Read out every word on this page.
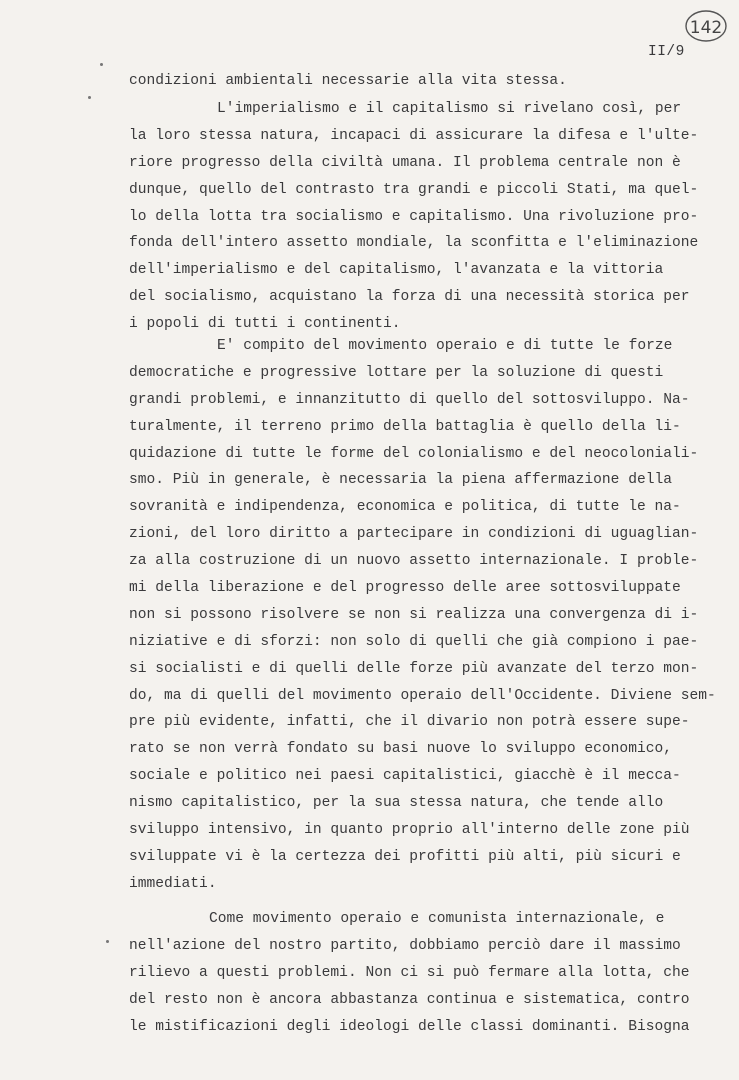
142
II/9
condizioni ambientali necessarie alla vita stessa.
L'imperialismo e il capitalismo si rivelano così, per
la loro stessa natura, incapaci di assicurare la difesa e l'ulte-
riore progresso della civiltà umana. Il problema centrale non è
dunque, quello del contrasto tra grandi e piccoli Stati, ma quel-
lo della lotta tra socialismo e capitalismo. Una rivoluzione pro-
fonda dell'intero assetto mondiale, la sconfitta e l'eliminazione
dell'imperialismo e del capitalismo, l'avanzata e la vittoria
del socialismo, acquistano la forza di una necessità storica per
i popoli di tutti i continenti.
E' compito del movimento operaio e di tutte le forze
democratiche e progressive lottare per la soluzione di questi
grandi problemi, e innanzitutto di quello del sottosviluppo. Na-
turalmente, il terreno primo della battaglia è quello della li-
quidazione di tutte le forme del colonialismo e del neocoloniali-
smo. Più in generale, è necessaria la piena affermazione della
sovranità e indipendenza, economica e politica, di tutte le na-
zioni, del loro diritto a partecipare in condizioni di uguaglian-
za alla costruzione di un nuovo assetto internazionale. I proble-
mi della liberazione e del progresso delle aree sottosviluppate
non si possono risolvere se non si realizza una convergenza di i-
niziative e di sforzi: non solo di quelli che già compiono i pae-
si socialisti e di quelli delle forze più avanzate del terzo mon-
do, ma di quelli del movimento operaio dell'Occidente. Diviene sem-
pre più evidente, infatti, che il divario non potrà essere supe-
rato se non verrà fondato su basi nuove lo sviluppo economico,
sociale e politico nei paesi capitalistici, giacchè è il mecca-
nismo capitalistico, per la sua stessa natura, che tende allo
sviluppo intensivo, in quanto proprio all'interno delle zone più
sviluppate vi è la certezza dei profitti più alti, più sicuri e
immediati.
Come movimento operaio e comunista internazionale, e
nell'azione del nostro partito, dobbiamo perciò dare il massimo
rilievo a questi problemi. Non ci si può fermare alla lotta, che
del resto non è ancora abbastanza continua e sistematica, contro
le mistificazioni degli ideologi delle classi dominanti. Bisogna
